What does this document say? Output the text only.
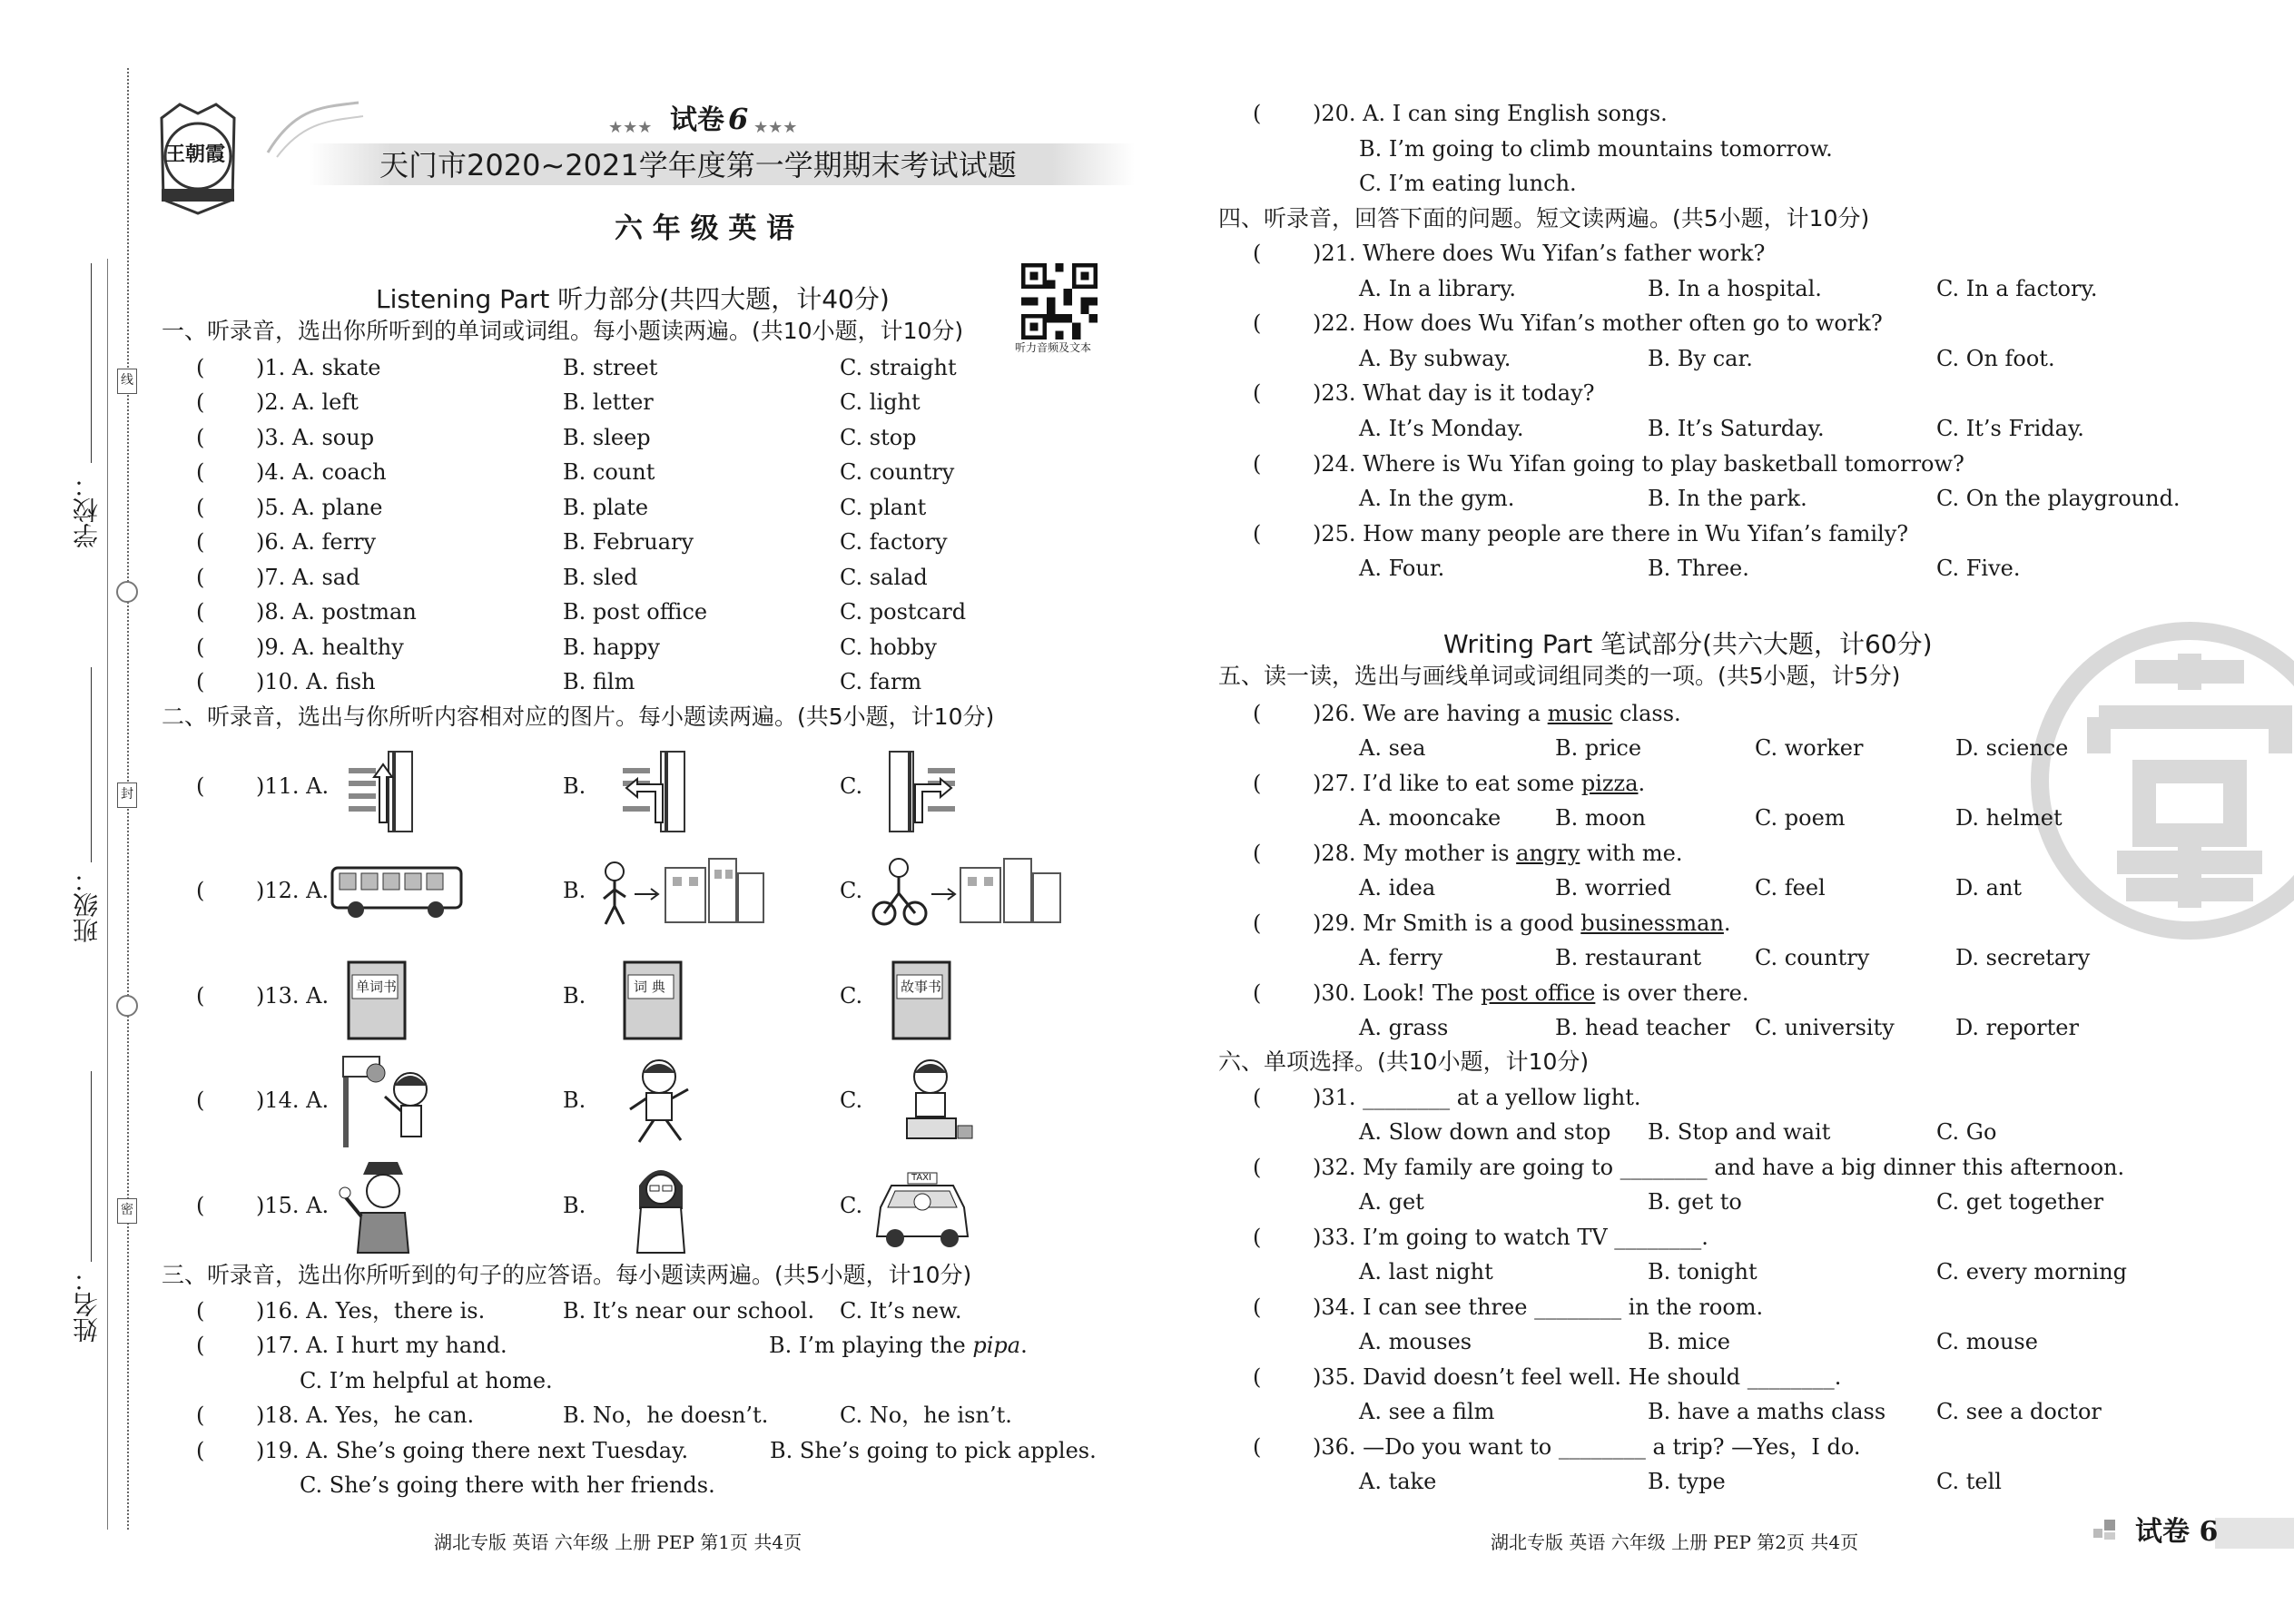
学校：
班级：
姓名：
线
封
密
王朝霞
★★★ 试卷 6 ★★★
天门市2020~2021学年度第一学期期末考试试题
六 年 级 英 语
听力音频及文本
Listening Part 听力部分(共四大题，计40分)
一、听录音，选出你所听到的单词或词组。每小题读两遍。(共10小题，计10分)
( )1. A. skate	B. street	C. straight
( )2. A. left	B. letter	C. light
( )3. A. soup	B. sleep	C. stop
( )4. A. coach	B. count	C. country
( )5. A. plane	B. plate	C. plant
( )6. A. ferry	B. February	C. factory
( )7. A. sad	B. sled	C. salad
( )8. A. postman	B. post office	C. postcard
( )9. A. healthy	B. happy	C. hobby
( )10. A. fish	B. film	C. farm
二、听录音，选出与你所听内容相对应的图片。每小题读两遍。(共5小题，计10分)
( )11. A.	B.	C.
( )12. A.	B.	C.
( )13. A.	B.	C.
( )14. A.	B.	C.
( )15. A.	B.	C.
单词书	词 典	故事书
TAXI
三、听录音，选出你所听到的句子的应答语。每小题读两遍。(共5小题，计10分)
( )16. A. Yes，there is.	B. It’s near our school. C. It’s new.
( )17. A. I hurt my hand.	B. I’m playing the pipa.
C. I’m helpful at home.
( )18. A. Yes，he can.	B. No，he doesn’t.	C. No，he isn’t.
( )19. A. She’s going there next Tuesday.	B. She’s going to pick apples.
C. She’s going there with her friends.
湖北专版 英语 六年级 上册 PEP 第1页 共4页
( )20. A. I can sing English songs.
B. I’m going to climb mountains tomorrow.
C. I’m eating lunch.
四、听录音，回答下面的问题。短文读两遍。(共5小题，计10分)
( )21. Where does Wu Yifan’s father work?
A. In a library.	B. In a hospital.	C. In a factory.
( )22. How does Wu Yifan’s mother often go to work?
A. By subway.	B. By car.	C. On foot.
( )23. What day is it today?
A. It’s Monday.	B. It’s Saturday.	C. It’s Friday.
( )24. Where is Wu Yifan going to play basketball tomorrow?
A. In the gym.	B. In the park.	C. On the playground.
( )25. How many people are there in Wu Yifan’s family?
A. Four.	B. Three.	C. Five.
Writing Part 笔试部分(共六大题，计60分)
五、读一读，选出与画线单词或词组同类的一项。(共5小题，计5分)
( )26. We are having a music class.
A. sea	B. price	C. worker	D. science
( )27. I’d like to eat some pizza.
A. mooncake B. moon	C. poem	D. helmet
( )28. My mother is angry with me.
A. idea	B. worried	C. feel	D. ant
( )29. Mr Smith is a good businessman.
A. ferry	B. restaurant C. country	D. secretary
( )30. Look! The post office is over there.
A. grass	B. head teacher C. university	D. reporter
六、单项选择。(共10小题，计10分)
( )31. ________ at a yellow light.
A. Slow down and stop B. Stop and wait	C. Go
( )32. My family are going to ________ and have a big dinner this afternoon.
A. get	B. get to	C. get together
( )33. I’m going to watch TV ________.
A. last night	B. tonight	C. every morning
( )34. I can see three ________ in the room.
A. mouses	B. mice	C. mouse
( )35. David doesn’t feel well. He should ________.
A. see a film	B. have a maths class C. see a doctor
( )36. —Do you want to ________ a trip? —Yes，I do.
A. take	B. type	C. tell
湖北专版 英语 六年级 上册 PEP 第2页 共4页	试卷 6
